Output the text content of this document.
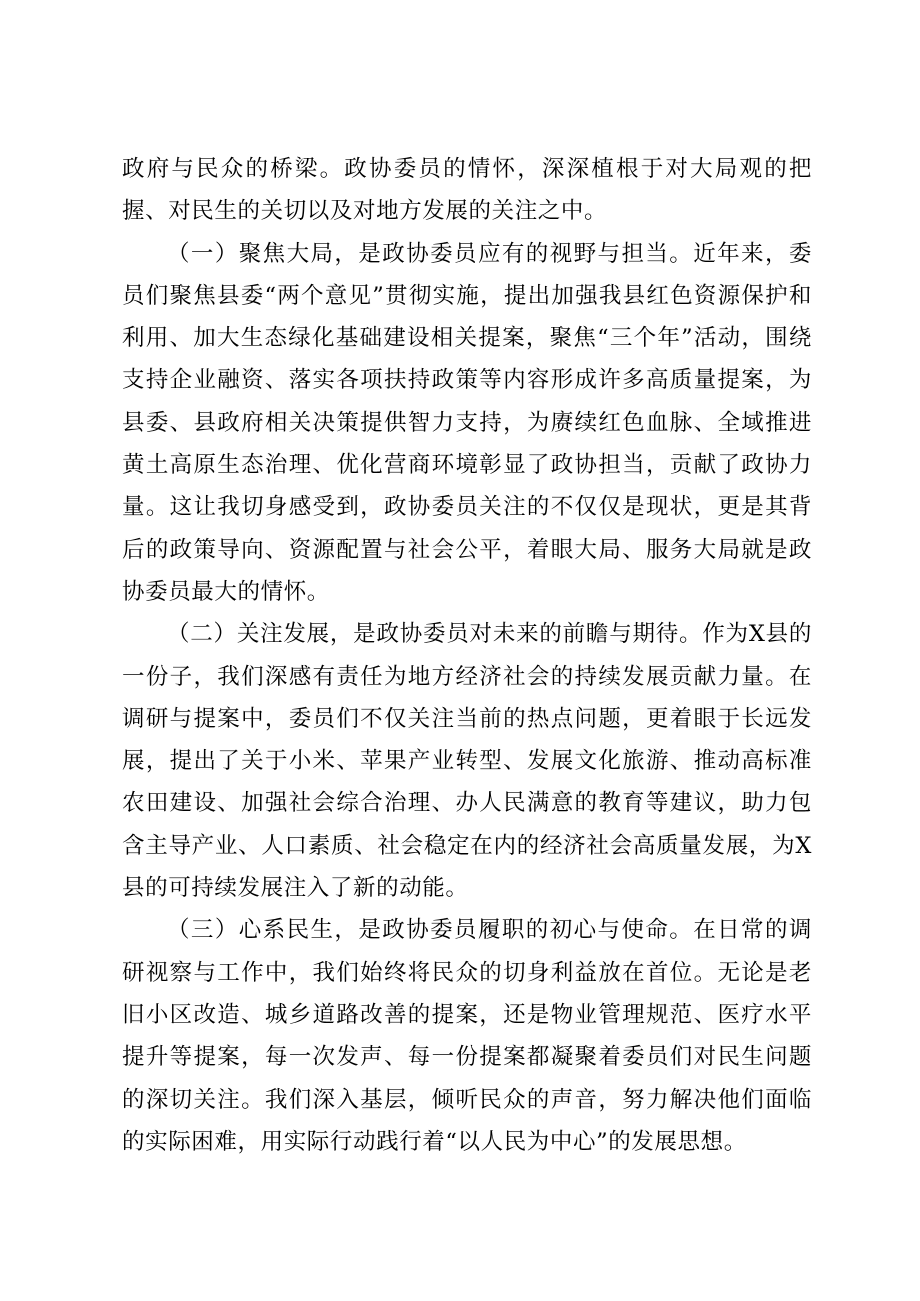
政府与民众的桥梁。政协委员的情怀，深深植根于对大局观的把握、对民生的关切以及对地方发展的关注之中。

（一）聚焦大局，是政协委员应有的视野与担当。近年来，委员们聚焦县委“两个意见”贯彻实施，提出加强我县红色资源保护和利用、加大生态绿化基础建设相关提案，聚焦“三个年”活动，围绕支持企业融资、落实各项扶持政策等内容形成许多高质量提案，为县委、县政府相关决策提供智力支持，为赓续红色血脉、全域推进黄土高原生态治理、优化营商环境彰显了政协担当，贡献了政协力量。这让我切身感受到，政协委员关注的不仅仅是现状，更是其背后的政策导向、资源配置与社会公平，着眼大局、服务大局就是政协委员最大的情怀。

（二）关注发展，是政协委员对未来的前瞻与期待。作为X县的一份子，我们深感有责任为地方经济社会的持续发展贡献力量。在调研与提案中，委员们不仅关注当前的热点问题，更着眼于长远发展，提出了关于小米、苹果产业转型、发展文化旅游、推动高标准农田建设、加强社会综合治理、办人民满意的教育等建议，助力包含主导产业、人口素质、社会稳定在内的经济社会高质量发展，为X县的可持续发展注入了新的动能。

（三）心系民生，是政协委员履职的初心与使命。在日常的调研视察与工作中，我们始终将民众的切身利益放在首位。无论是老旧小区改造、城乡道路改善的提案，还是物业管理规范、医疗水平提升等提案，每一次发声、每一份提案都凝聚着委员们对民生问题的深切关注。我们深入基层，倾听民众的声音，努力解决他们面临的实际困难，用实际行动践行着“以人民为中心”的发展思想。
